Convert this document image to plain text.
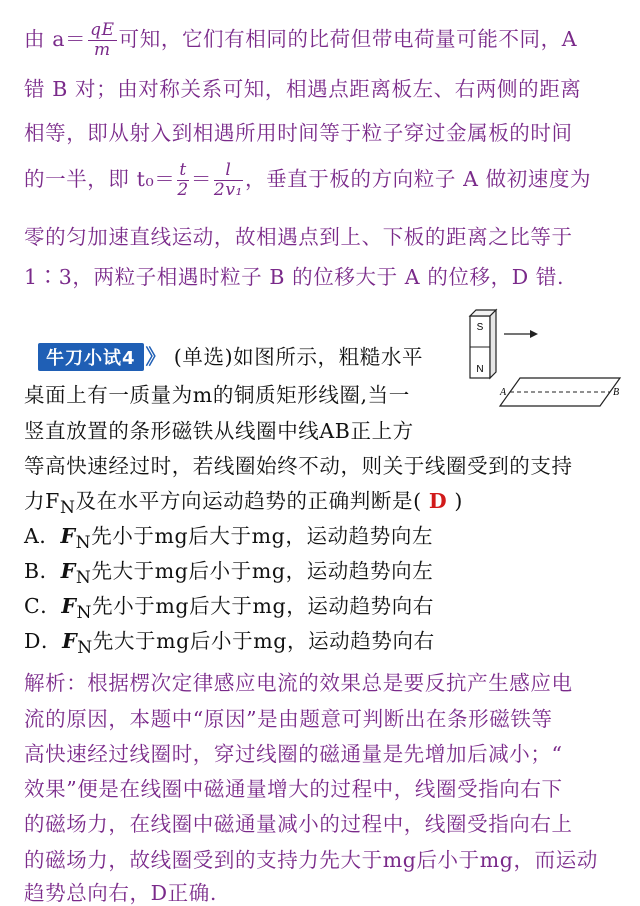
由 $a= \frac{qE}{m}$ 可知，它们有相同的比荷但带电荷量可能不同，A
错 B 对；由对称关系可知，相遇点距离板左、右两侧的距离
相等，即从射入到相遇所用时间等于粒子穿过金属板的时间
的一半，即 $t_0= \frac{t}{2} = \frac{l}{\text{2v₁}}$ ，垂直于板的方向粒子 A 做初速度为
零的匀加速直线运动，故相遇点到上、下板的距离之比等于
1∶3，两粒子相遇时粒子 B 的位移大于 A 的位移，D 错.
牛刀小试4 》 (单选)如图所示，粗糙水平
桌面上有一质量为m的铜质矩形线圈,当一
竖直放置的条形磁铁从线圈中线AB正上方
等高快速经过时，若线圈始终不动，则关于线圈受到的支持
力$F_N$及在水平方向运动趋势的正确判断是( D )
A．$F_N$先小于mg后大于mg，运动趋势向左
B．$F_N$先大于mg后小于mg，运动趋势向左
C．$F_N$先小于mg后大于mg，运动趋势向右
D．$F_N$先大于mg后小于mg，运动趋势向右
S
N
A	B
解析：根据楞次定律感应电流的效果总是要反抗产生感应电
流的原因，本题中“原因”是由题意可判断出在条形磁铁等
高快速经过线圈时，穿过线圈的磁通量是先增加后减小；“
效果”便是在线圈中磁通量增大的过程中，线圈受指向右下
的磁场力，在线圈中磁通量减小的过程中，线圈受指向右上
的磁场力，故线圈受到的支持力先大于mg后小于mg，而运动
趋势总向右，D正确.
